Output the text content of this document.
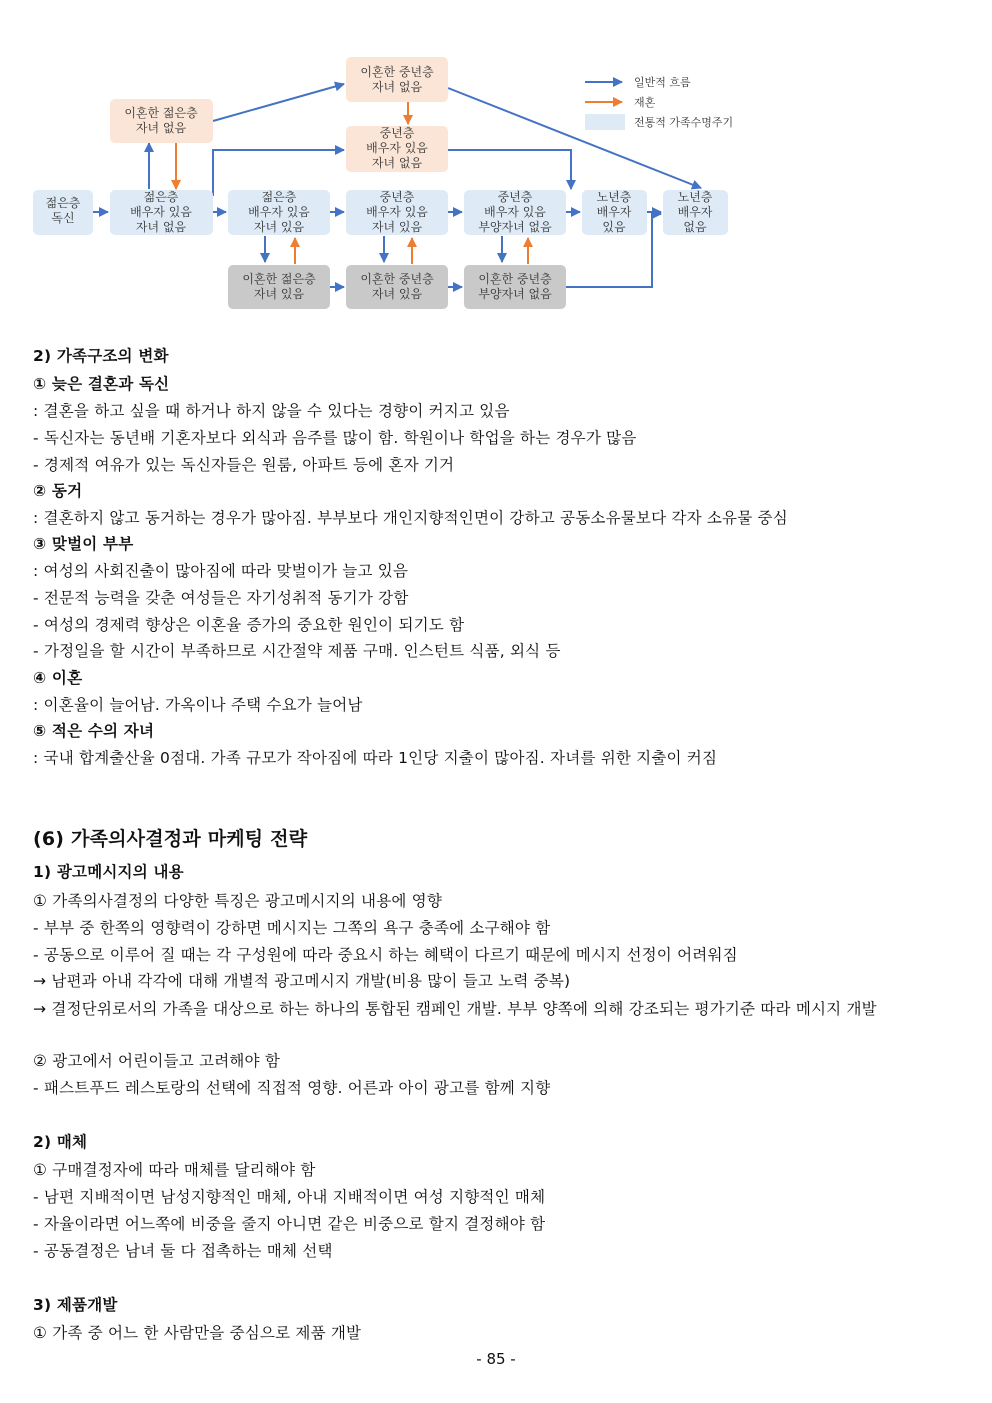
젊은층 독신
젊은층 배우자 있음 자녀 없음
이혼한 젊은층 자녀 없음
젊은층 배우자 있음 자녀 있음
이혼한 젊은층 자녀 있음
이혼한 중년층 자녀 없음
중년층 배우자 있음 자녀 없음
중년층 배우자 있음 자녀 있음
이혼한 중년층 자녀 있음
중년층 배우자 있음 부양자녀 없음
이혼한 중년층 부양자녀 없음
노년층 배우자 있음
노년층 배우자 없음
일반적 흐름
재혼
전통적 가족수명주기
2) 가족구조의 변화
① 늦은 결혼과 독신
: 결혼을 하고 싶을 때 하거나 하지 않을 수 있다는 경향이 커지고 있음
- 독신자는 동년배 기혼자보다 외식과 음주를 많이 함. 학원이나 학업을 하는 경우가 많음
- 경제적 여유가 있는 독신자들은 원룸, 아파트 등에 혼자 기거
② 동거
: 결혼하지 않고 동거하는 경우가 많아짐. 부부보다 개인지향적인면이 강하고 공동소유물보다 각자 소유물 중심
③ 맞벌이 부부
: 여성의 사회진출이 많아짐에 따라 맞벌이가 늘고 있음
- 전문적 능력을 갖춘 여성들은 자기성취적 동기가 강함
- 여성의 경제력 향상은 이혼율 증가의 중요한 원인이 되기도 함
- 가정일을 할 시간이 부족하므로 시간절약 제품 구매. 인스턴트 식품, 외식 등
④ 이혼
: 이혼율이 늘어남. 가옥이나 주택 수요가 늘어남
⑤ 적은 수의 자녀
: 국내 합계출산율 0점대. 가족 규모가 작아짐에 따라 1인당 지출이 많아짐. 자녀를 위한 지출이 커짐
(6) 가족의사결정과 마케팅 전략
1) 광고메시지의 내용
① 가족의사결정의 다양한 특징은 광고메시지의 내용에 영향
- 부부 중 한쪽의 영향력이 강하면 메시지는 그쪽의 욕구 충족에 소구해야 함
- 공동으로 이루어 질 때는 각 구성원에 따라 중요시 하는 혜택이 다르기 때문에 메시지 선정이 어려워짐
→ 남편과 아내 각각에 대해 개별적 광고메시지 개발(비용 많이 들고 노력 중복)
→ 결정단위로서의 가족을 대상으로 하는 하나의 통합된 캠페인 개발. 부부 양쪽에 의해 강조되는 평가기준 따라 메시지 개발
② 광고에서 어린이들고 고려해야 함
- 패스트푸드 레스토랑의 선택에 직접적 영향. 어른과 아이 광고를 함께 지향
2) 매체
① 구매결정자에 따라 매체를 달리해야 함
- 남편 지배적이면 남성지향적인 매체, 아내 지배적이면 여성 지향적인 매체
- 자율이라면 어느쪽에 비중을 줄지 아니면 같은 비중으로 할지 결정해야 함
- 공동결정은 남녀 둘 다 접촉하는 매체 선택
3) 제품개발
① 가족 중 어느 한 사람만을 중심으로 제품 개발
- 85 -
